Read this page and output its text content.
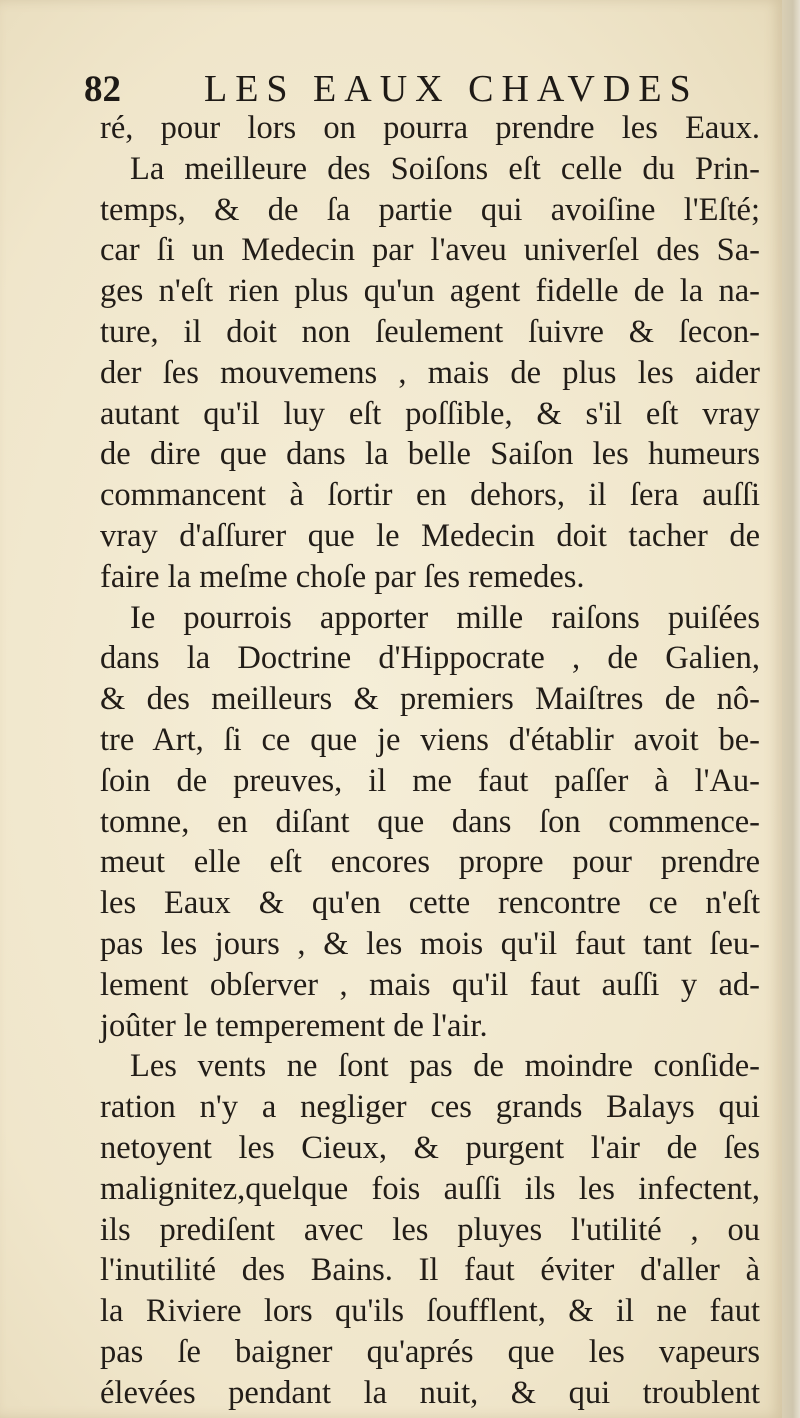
82 LES EAUX CHAVDES
ré, pour lors on pourra prendre les Eaux.
La meilleure des Soiſons eſt celle du Prin-
temps, & de ſa partie qui avoiſine l'Eſté;
car ſi un Medecin par l'aveu univerſel des Sa-
ges n'eſt rien plus qu'un agent fidelle de la na-
ture, il doit non ſeulement ſuivre & ſecon-
der ſes mouvemens , mais de plus les aider
autant qu'il luy eſt poſſible, & s'il eſt vray
de dire que dans la belle Saiſon les humeurs
commancent à ſortir en dehors, il ſera auſſi
vray d'aſſurer que le Medecin doit tacher de
faire la meſme choſe par ſes remedes.
Ie pourrois apporter mille raiſons puiſées
dans la Doctrine d'Hippocrate , de Galien,
& des meilleurs & premiers Maiſtres de nô-
tre Art, ſi ce que je viens d'établir avoit be-
ſoin de preuves, il me faut paſſer à l'Au-
tomne, en diſant que dans ſon commence-
meut elle eſt encores propre pour prendre
les Eaux & qu'en cette rencontre ce n'eſt
pas les jours , & les mois qu'il faut tant ſeu-
lement obſerver , mais qu'il faut auſſi y ad-
joûter le temperement de l'air.
Les vents ne ſont pas de moindre conſide-
ration n'y a negliger ces grands Balays qui
netoyent les Cieux, & purgent l'air de ſes
malignitez,quelque fois auſſi ils les infectent,
ils prediſent avec les pluyes l'utilité , ou
l'inutilité des Bains. Il faut éviter d'aller à
la Riviere lors qu'ils ſoufflent, & il ne faut
pas ſe baigner qu'aprés que les vapeurs
élevées pendant la nuit, & qui troublent
